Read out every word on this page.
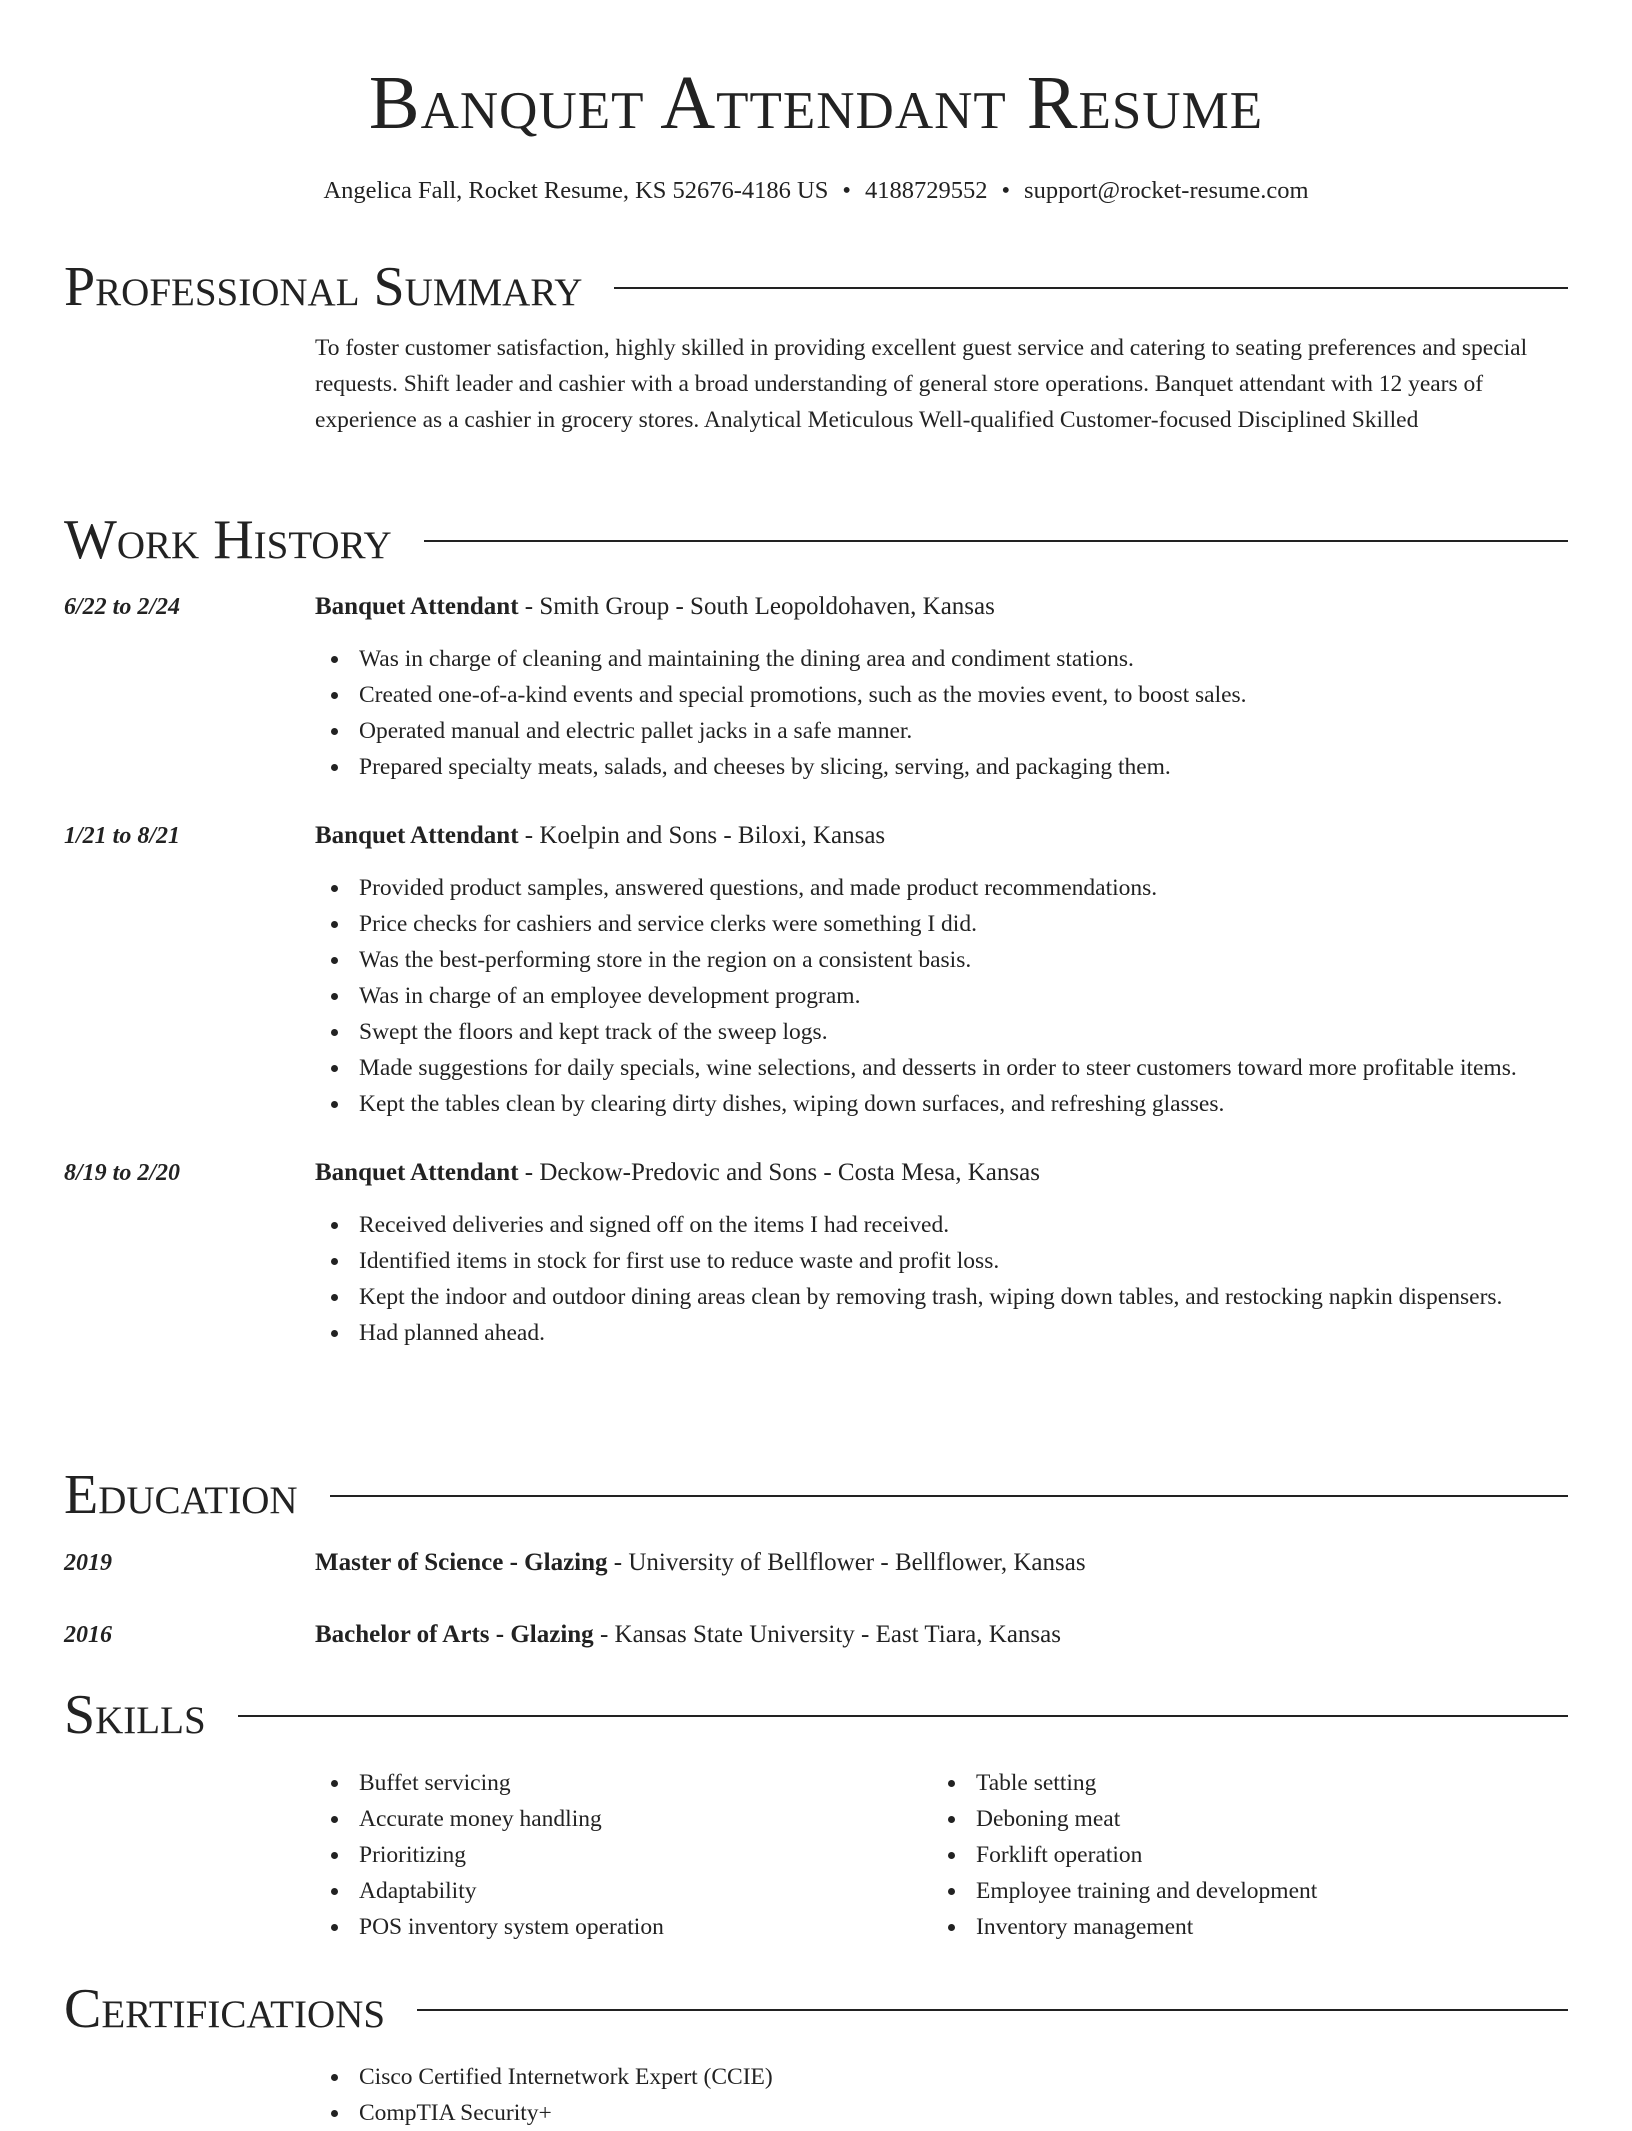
Banquet Attendant Resume
Angelica Fall, Rocket Resume, KS 52676-4186 US • 4188729552 • support@rocket-resume.com
Professional Summary
To foster customer satisfaction, highly skilled in providing excellent guest service and catering to seating preferences and special requests. Shift leader and cashier with a broad understanding of general store operations. Banquet attendant with 12 years of experience as a cashier in grocery stores. Analytical Meticulous Well-qualified Customer-focused Disciplined Skilled
Work History
6/22 to 2/24	Banquet Attendant - Smith Group - South Leopoldohaven, Kansas
Was in charge of cleaning and maintaining the dining area and condiment stations.
Created one-of-a-kind events and special promotions, such as the movies event, to boost sales.
Operated manual and electric pallet jacks in a safe manner.
Prepared specialty meats, salads, and cheeses by slicing, serving, and packaging them.
1/21 to 8/21	Banquet Attendant - Koelpin and Sons - Biloxi, Kansas
Provided product samples, answered questions, and made product recommendations.
Price checks for cashiers and service clerks were something I did.
Was the best-performing store in the region on a consistent basis.
Was in charge of an employee development program.
Swept the floors and kept track of the sweep logs.
Made suggestions for daily specials, wine selections, and desserts in order to steer customers toward more profitable items.
Kept the tables clean by clearing dirty dishes, wiping down surfaces, and refreshing glasses.
8/19 to 2/20	Banquet Attendant - Deckow-Predovic and Sons - Costa Mesa, Kansas
Received deliveries and signed off on the items I had received.
Identified items in stock for first use to reduce waste and profit loss.
Kept the indoor and outdoor dining areas clean by removing trash, wiping down tables, and restocking napkin dispensers.
Had planned ahead.
Education
2019	Master of Science - Glazing - University of Bellflower - Bellflower, Kansas
2016	Bachelor of Arts - Glazing - Kansas State University - East Tiara, Kansas
Skills
Buffet servicing
Accurate money handling
Prioritizing
Adaptability
POS inventory system operation
Table setting
Deboning meat
Forklift operation
Employee training and development
Inventory management
Certifications
Cisco Certified Internetwork Expert (CCIE)
CompTIA Security+
